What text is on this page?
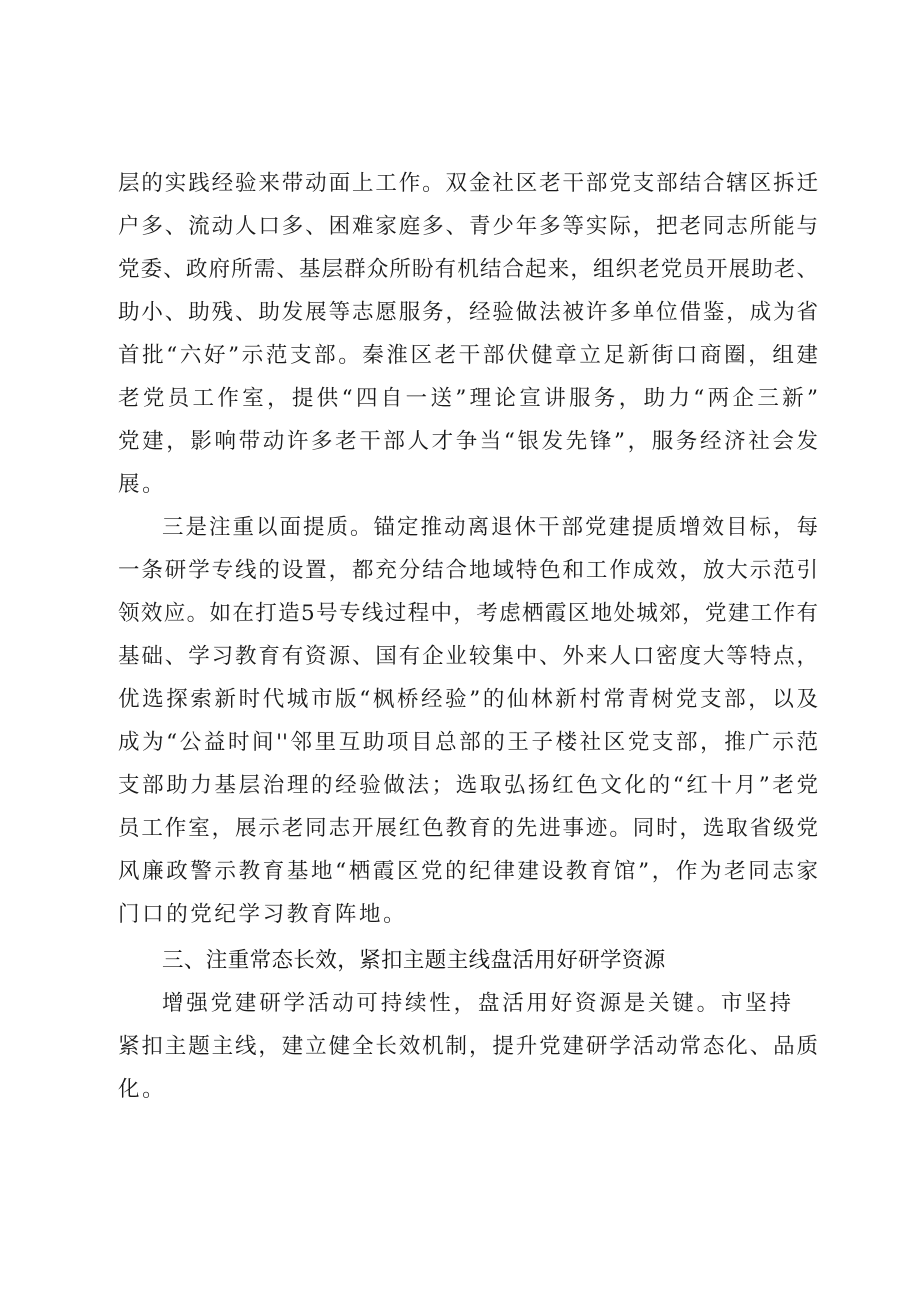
层的实践经验来带动面上工作。双金社区老干部党支部结合辖区拆迁
户多、流动人口多、困难家庭多、青少年多等实际，把老同志所能与
党委、政府所需、基层群众所盼有机结合起来，组织老党员开展助老、
助小、助残、助发展等志愿服务，经验做法被许多单位借鉴，成为省
首批“六好”示范支部。秦淮区老干部伏健章立足新街口商圈，组建
老党员工作室，提供“四自一送”理论宣讲服务，助力“两企三新”
党建，影响带动许多老干部人才争当“银发先锋”，服务经济社会发
展。
三是注重以面提质。锚定推动离退休干部党建提质增效目标，每
一条研学专线的设置，都充分结合地域特色和工作成效，放大示范引
领效应。如在打造5号专线过程中，考虑栖霞区地处城郊，党建工作有
基础、学习教育有资源、国有企业较集中、外来人口密度大等特点，
优选探索新时代城市版“枫桥经验”的仙林新村常青树党支部，以及
成为“公益时间''邻里互助项目总部的王子楼社区党支部，推广示范
支部助力基层治理的经验做法；选取弘扬红色文化的“红十月”老党
员工作室，展示老同志开展红色教育的先进事迹。同时，选取省级党
风廉政警示教育基地“栖霞区党的纪律建设教育馆”，作为老同志家
门口的党纪学习教育阵地。
三、注重常态长效，紧扣主题主线盘活用好研学资源
增强党建研学活动可持续性，盘活用好资源是关键。市坚持
紧扣主题主线，建立健全长效机制，提升党建研学活动常态化、品质
化。
